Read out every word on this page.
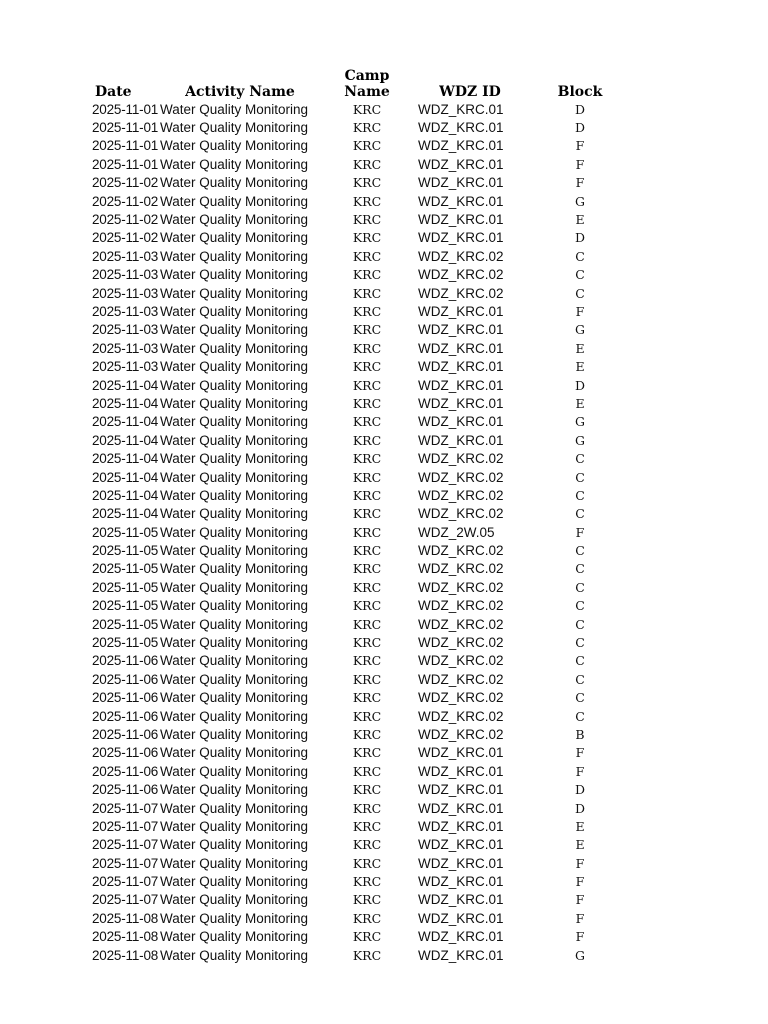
Date	Activity Name	Camp Name	WDZ ID	Block
2025-11-01	Water Quality Monitoring	KRC	WDZ_KRC.01	D
2025-11-01	Water Quality Monitoring	KRC	WDZ_KRC.01	D
2025-11-01	Water Quality Monitoring	KRC	WDZ_KRC.01	F
2025-11-01	Water Quality Monitoring	KRC	WDZ_KRC.01	F
2025-11-02	Water Quality Monitoring	KRC	WDZ_KRC.01	F
2025-11-02	Water Quality Monitoring	KRC	WDZ_KRC.01	G
2025-11-02	Water Quality Monitoring	KRC	WDZ_KRC.01	E
2025-11-02	Water Quality Monitoring	KRC	WDZ_KRC.01	D
2025-11-03	Water Quality Monitoring	KRC	WDZ_KRC.02	C
2025-11-03	Water Quality Monitoring	KRC	WDZ_KRC.02	C
2025-11-03	Water Quality Monitoring	KRC	WDZ_KRC.02	C
2025-11-03	Water Quality Monitoring	KRC	WDZ_KRC.01	F
2025-11-03	Water Quality Monitoring	KRC	WDZ_KRC.01	G
2025-11-03	Water Quality Monitoring	KRC	WDZ_KRC.01	E
2025-11-03	Water Quality Monitoring	KRC	WDZ_KRC.01	E
2025-11-04	Water Quality Monitoring	KRC	WDZ_KRC.01	D
2025-11-04	Water Quality Monitoring	KRC	WDZ_KRC.01	E
2025-11-04	Water Quality Monitoring	KRC	WDZ_KRC.01	G
2025-11-04	Water Quality Monitoring	KRC	WDZ_KRC.01	G
2025-11-04	Water Quality Monitoring	KRC	WDZ_KRC.02	C
2025-11-04	Water Quality Monitoring	KRC	WDZ_KRC.02	C
2025-11-04	Water Quality Monitoring	KRC	WDZ_KRC.02	C
2025-11-04	Water Quality Monitoring	KRC	WDZ_KRC.02	C
2025-11-05	Water Quality Monitoring	KRC	WDZ_2W.05	F
2025-11-05	Water Quality Monitoring	KRC	WDZ_KRC.02	C
2025-11-05	Water Quality Monitoring	KRC	WDZ_KRC.02	C
2025-11-05	Water Quality Monitoring	KRC	WDZ_KRC.02	C
2025-11-05	Water Quality Monitoring	KRC	WDZ_KRC.02	C
2025-11-05	Water Quality Monitoring	KRC	WDZ_KRC.02	C
2025-11-05	Water Quality Monitoring	KRC	WDZ_KRC.02	C
2025-11-06	Water Quality Monitoring	KRC	WDZ_KRC.02	C
2025-11-06	Water Quality Monitoring	KRC	WDZ_KRC.02	C
2025-11-06	Water Quality Monitoring	KRC	WDZ_KRC.02	C
2025-11-06	Water Quality Monitoring	KRC	WDZ_KRC.02	C
2025-11-06	Water Quality Monitoring	KRC	WDZ_KRC.02	B
2025-11-06	Water Quality Monitoring	KRC	WDZ_KRC.01	F
2025-11-06	Water Quality Monitoring	KRC	WDZ_KRC.01	F
2025-11-06	Water Quality Monitoring	KRC	WDZ_KRC.01	D
2025-11-07	Water Quality Monitoring	KRC	WDZ_KRC.01	D
2025-11-07	Water Quality Monitoring	KRC	WDZ_KRC.01	E
2025-11-07	Water Quality Monitoring	KRC	WDZ_KRC.01	E
2025-11-07	Water Quality Monitoring	KRC	WDZ_KRC.01	F
2025-11-07	Water Quality Monitoring	KRC	WDZ_KRC.01	F
2025-11-07	Water Quality Monitoring	KRC	WDZ_KRC.01	F
2025-11-08	Water Quality Monitoring	KRC	WDZ_KRC.01	F
2025-11-08	Water Quality Monitoring	KRC	WDZ_KRC.01	F
2025-11-08	Water Quality Monitoring	KRC	WDZ_KRC.01	G
